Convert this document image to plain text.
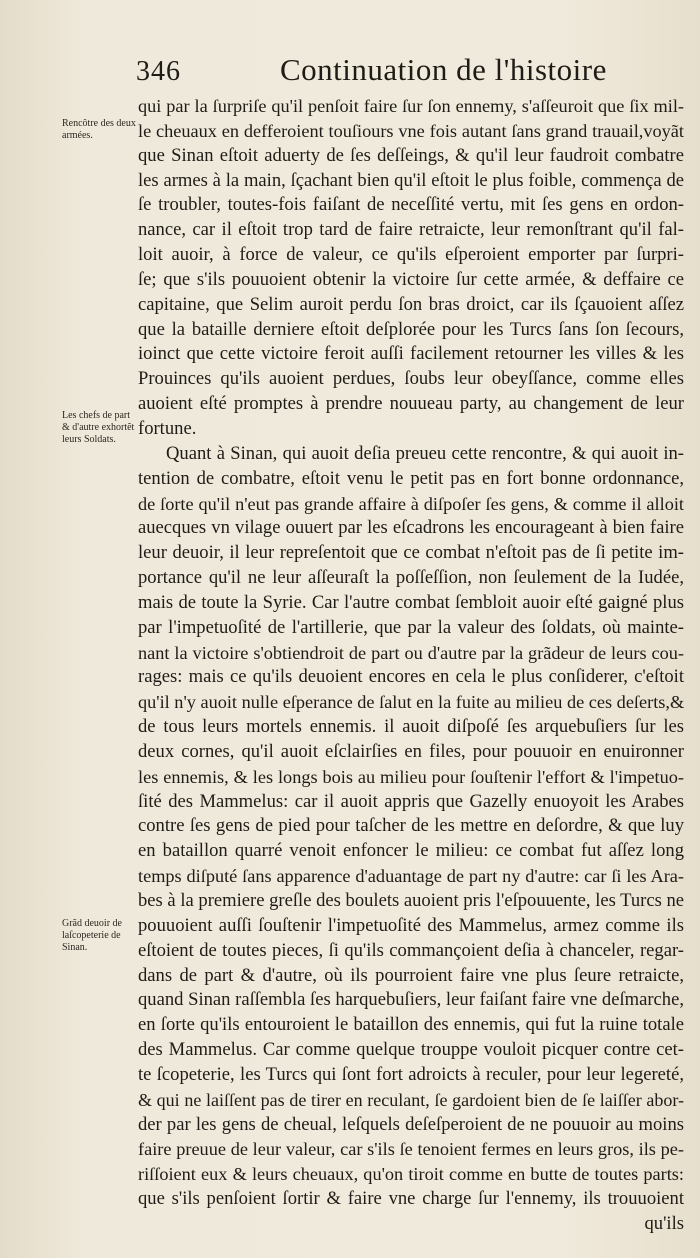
346	Continuation de l'histoire
Rencôtre des deux armées.
Les chefs de part & d'autre exhortẽt leurs Soldats.
Grãd deuoir de laſcopeterie de Sinan.
qui par la ſurpriſe qu'il penſoit faire ſur ſon ennemy, s'aſſeuroit que ſix mil-
le cheuaux en defferoient touſiours vne fois autant ſans grand trauail,voyãt
que Sinan eſtoit aduerty de ſes deſſeings, & qu'il leur faudroit combatre
les armes à la main, ſçachant bien qu'il eſtoit le plus foible, commença de
ſe troubler, toutes-fois faiſant de neceſſité vertu, mit ſes gens en ordon-
nance, car il eſtoit trop tard de faire retraicte, leur remonſtrant qu'il fal-
loit auoir, à force de valeur, ce qu'ils eſperoient emporter par ſurpri-
ſe; que s'ils pouuoient obtenir la victoire ſur cette armée, & deffaire ce
capitaine, que Selim auroit perdu ſon bras droict, car ils ſçauoient aſſez
que la bataille derniere eſtoit deſplorée pour les Turcs ſans ſon ſecours,
ioinct que cette victoire feroit auſſi facilement retourner les villes & les
Prouinces qu'ils auoient perdues, ſoubs leur obeyſſance, comme elles
auoient eſté promptes à prendre nouueau party, au changement de leur
fortune.
Quant à Sinan, qui auoit deſia preueu cette rencontre, & qui auoit in-
tention de combatre, eſtoit venu le petit pas en fort bonne ordonnance,
de ſorte qu'il n'eut pas grande affaire à diſpoſer ſes gens, & comme il alloit
auecques vn vilage ouuert par les eſcadrons les encourageant à bien faire
leur deuoir, il leur repreſentoit que ce combat n'eſtoit pas de ſi petite im-
portance qu'il ne leur aſſeuraſt la poſſeſſion, non ſeulement de la Iudée,
mais de toute la Syrie. Car l'autre combat ſembloit auoir eſté gaigné plus
par l'impetuoſité de l'artillerie, que par la valeur des ſoldats, où mainte-
nant la victoire s'obtiendroit de part ou d'autre par la grãdeur de leurs cou-
rages: mais ce qu'ils deuoient encores en cela le plus conſiderer, c'eſtoit
qu'il n'y auoit nulle eſperance de ſalut en la fuite au milieu de ces deſerts,&
de tous leurs mortels ennemis. il auoit diſpoſé ſes arquebuſiers ſur les
deux cornes, qu'il auoit eſclairſies en files, pour pouuoir en enuironner
les ennemis, & les longs bois au milieu pour ſouſtenir l'effort & l'impetuo-
ſité des Mammelus: car il auoit appris que Gazelly enuoyoit les Arabes
contre ſes gens de pied pour taſcher de les mettre en deſordre, & que luy
en bataillon quarré venoit enfoncer le milieu: ce combat fut aſſez long
temps diſputé ſans apparence d'aduantage de part ny d'autre: car ſi les Ara-
bes à la premiere greſle des boulets auoient pris l'eſpouuente, les Turcs ne
pouuoient auſſi ſouſtenir l'impetuoſité des Mammelus, armez comme ils
eſtoient de toutes pieces, ſi qu'ils commançoient deſia à chanceler, regar-
dans de part & d'autre, où ils pourroient faire vne plus ſeure retraicte,
quand Sinan raſſembla ſes harquebuſiers, leur faiſant faire vne deſmarche,
en ſorte qu'ils entouroient le bataillon des ennemis, qui fut la ruine totale
des Mammelus. Car comme quelque trouppe vouloit picquer contre cet-
te ſcopeterie, les Turcs qui ſont fort adroicts à reculer, pour leur legereté,
& qui ne laiſſent pas de tirer en reculant, ſe gardoient bien de ſe laiſſer abor-
der par les gens de cheual, leſquels deſeſperoient de ne pouuoir au moins
faire preuue de leur valeur, car s'ils ſe tenoient fermes en leurs gros, ils pe-
riſſoient eux & leurs cheuaux, qu'on tiroit comme en butte de toutes parts:
que s'ils penſoient ſortir & faire vne charge ſur l'ennemy, ils trouuoient
qu'ils
